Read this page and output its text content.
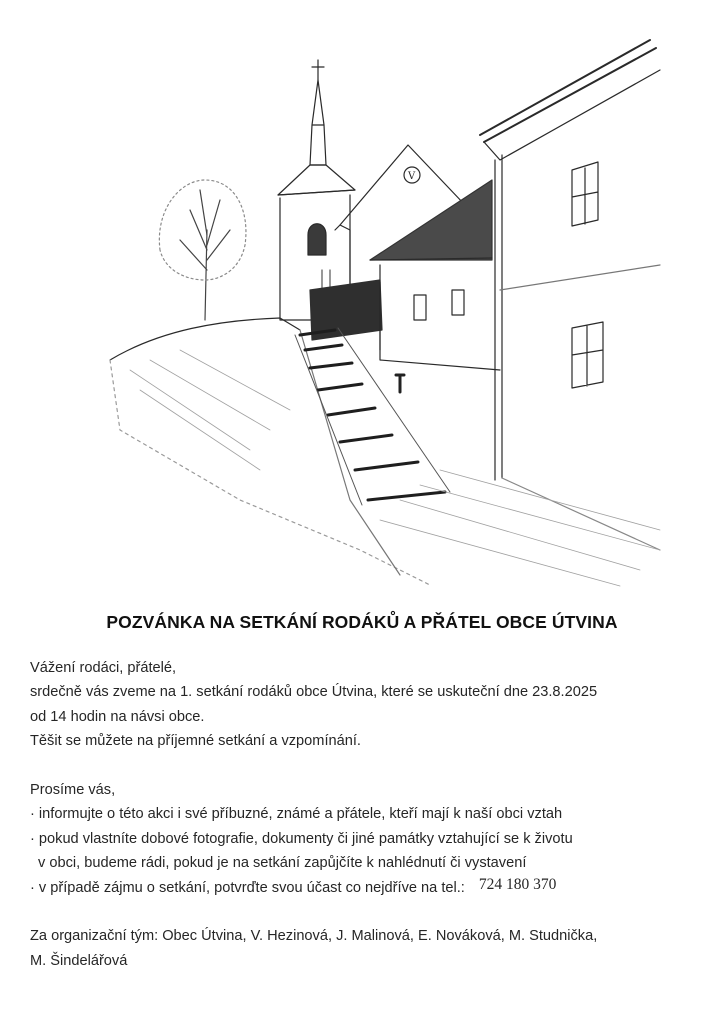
V
POZVÁNKA NA SETKÁNÍ RODÁKŮ A PŘÁTEL OBCE ÚTVINA
Vážení rodáci, přátelé,
srdečně vás zveme na 1. setkání rodáků obce Útvina, které se uskuteční dne 23.8.2025
od 14 hodin na návsi obce.
Těšit se můžete na příjemné setkání a vzpomínání.
Prosíme vás,
· informujte o této akci i své příbuzné, známé a přátele, kteří mají k naší obci vztah
· pokud vlastníte dobové fotografie, dokumenty či jiné památky vztahující se k životu
v obci, budeme rádi, pokud je na setkání zapůjčíte k nahlédnutí či vystavení
· v případě zájmu o setkání, potvrďte svou účast co nejdříve na tel.: 724 180 370
Za organizační tým: Obec Útvina, V. Hezinová, J. Malinová, E. Nováková, M. Studnička,
M. Šindelářová
